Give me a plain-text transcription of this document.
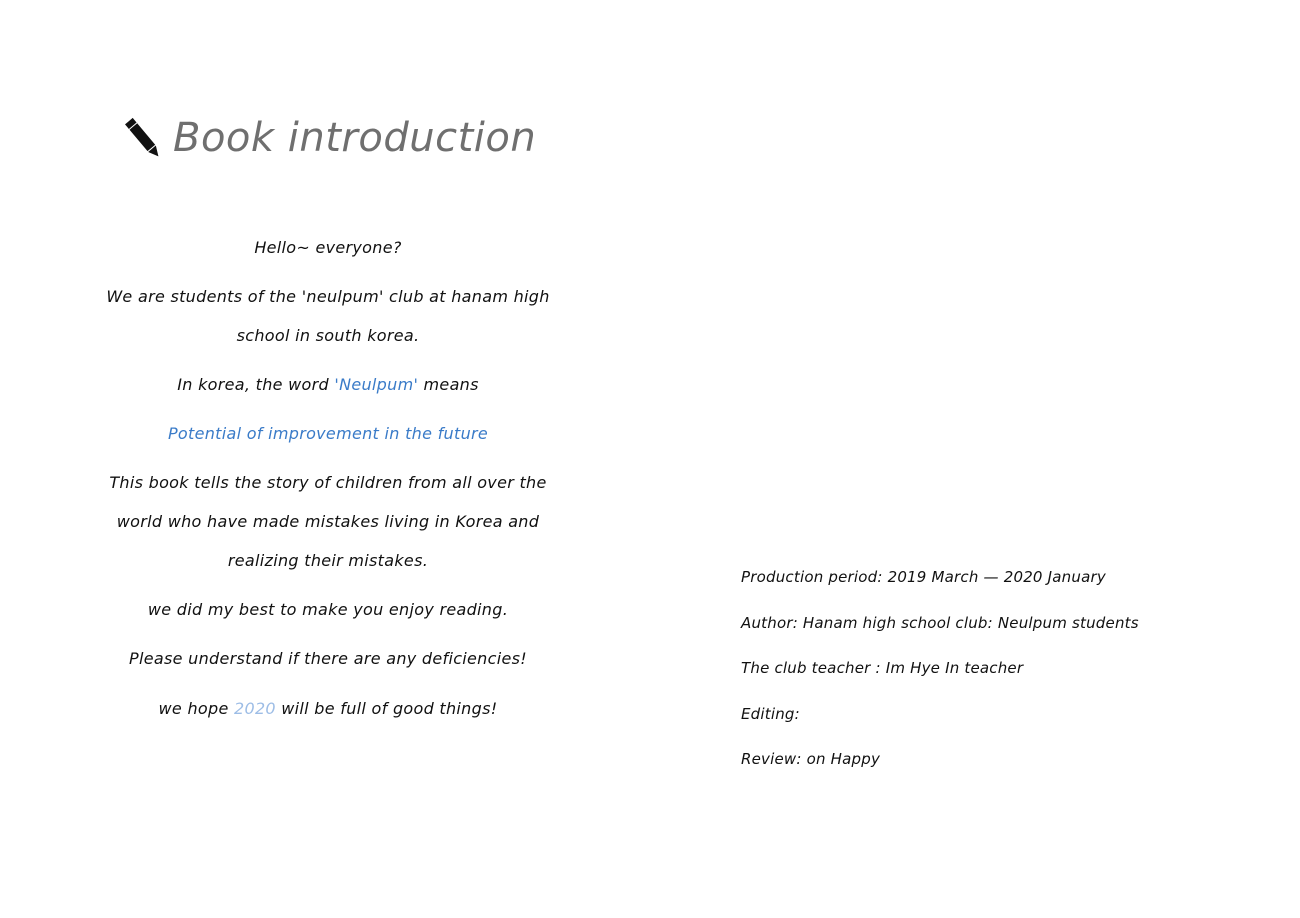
Book introduction

Hello~ everyone?

We are students of the 'neulpum' club at hanam high school in south korea.

In korea, the word 'Neulpum' means

Potential of improvement in the future

This book tells the story of children from all over the world who have made mistakes living in Korea and realizing their mistakes.

we did my best to make you enjoy reading.

Please understand if there are any deficiencies!

we hope 2020 will be full of good things!

Production period: 2019 March — 2020 January

Author: Hanam high school club: Neulpum students

The club teacher : Im Hye In teacher

Editing:

Review: on Happy
